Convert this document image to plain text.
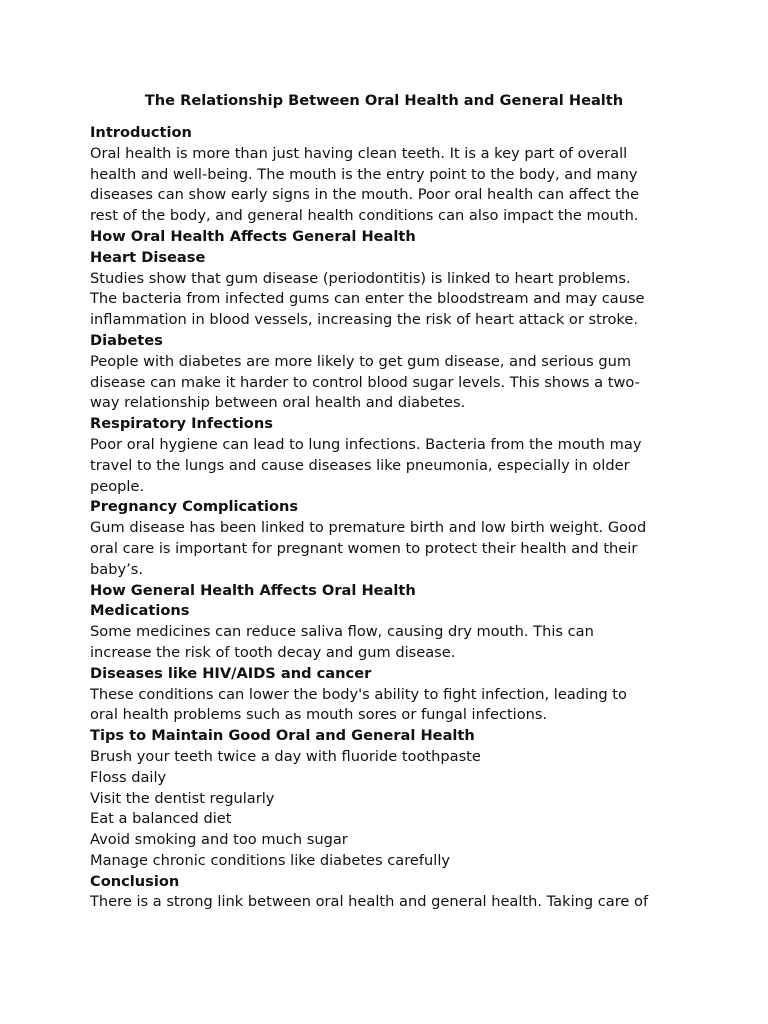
The Relationship Between Oral Health and General Health
Introduction
Oral health is more than just having clean teeth. It is a key part of overall
health and well-being. The mouth is the entry point to the body, and many
diseases can show early signs in the mouth. Poor oral health can affect the
rest of the body, and general health conditions can also impact the mouth.
How Oral Health Affects General Health
Heart Disease
Studies show that gum disease (periodontitis) is linked to heart problems.
The bacteria from infected gums can enter the bloodstream and may cause
inflammation in blood vessels, increasing the risk of heart attack or stroke.
Diabetes
People with diabetes are more likely to get gum disease, and serious gum
disease can make it harder to control blood sugar levels. This shows a two-
way relationship between oral health and diabetes.
Respiratory Infections
Poor oral hygiene can lead to lung infections. Bacteria from the mouth may
travel to the lungs and cause diseases like pneumonia, especially in older
people.
Pregnancy Complications
Gum disease has been linked to premature birth and low birth weight. Good
oral care is important for pregnant women to protect their health and their
baby’s.
How General Health Affects Oral Health
Medications
Some medicines can reduce saliva flow, causing dry mouth. This can
increase the risk of tooth decay and gum disease.
Diseases like HIV/AIDS and cancer
These conditions can lower the body's ability to fight infection, leading to
oral health problems such as mouth sores or fungal infections.
Tips to Maintain Good Oral and General Health
Brush your teeth twice a day with fluoride toothpaste
Floss daily
Visit the dentist regularly
Eat a balanced diet
Avoid smoking and too much sugar
Manage chronic conditions like diabetes carefully
Conclusion
There is a strong link between oral health and general health. Taking care of
